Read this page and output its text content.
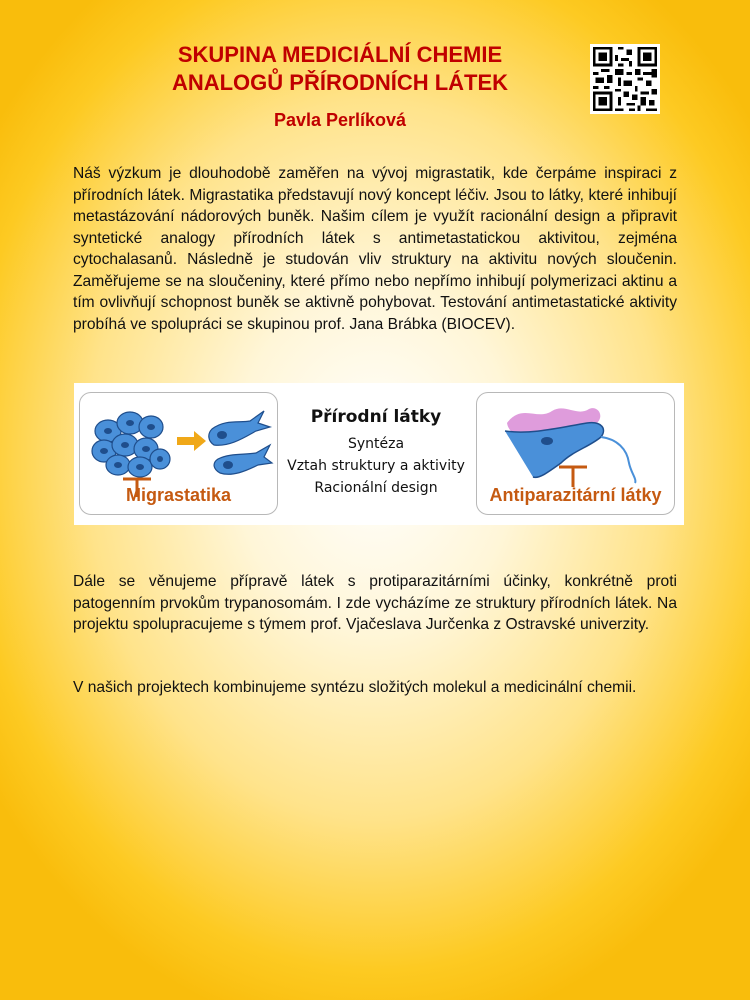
SKUPINA MEDICIÁLNÍ CHEMIE
ANALOGŮ PŘÍRODNÍCH LÁTEK
Pavla Perlíková
Náš výzkum je dlouhodobě zaměřen na vývoj migrastatik, kde čerpáme inspiraci z přírodních látek. Migrastatika představují nový koncept léčiv. Jsou to látky, které inhibují metastázování nádorových buněk. Našim cílem je využít racionální design a připravit syntetické analogy přírodních látek s antimetastatickou aktivitou, zejména cytochalasanů. Následně je studován vliv struktury na aktivitu nových sloučenin. Zaměřujeme se na sloučeniny, které přímo nebo nepřímo inhibují polymerizaci aktinu a tím ovlivňují schopnost buněk se aktivně pohybovat. Testování antimetastatické aktivity probíhá ve spolupráci se skupinou prof. Jana Brábka (BIOCEV).
Migrastatika
Přírodní látky
Syntéza
Vztah struktury a aktivity
Racionální design	Antiparazitární látky
Dále se věnujeme přípravě látek s protiparazitárními účinky, konkrétně proti patogenním prvokům trypanosomám. I zde vycházíme ze struktury přírodních látek. Na projektu spolupracujeme s týmem prof. Vjačeslava Jurčenka z Ostravské univerzity.
V našich projektech kombinujeme syntézu složitých molekul a medicinální chemii.
